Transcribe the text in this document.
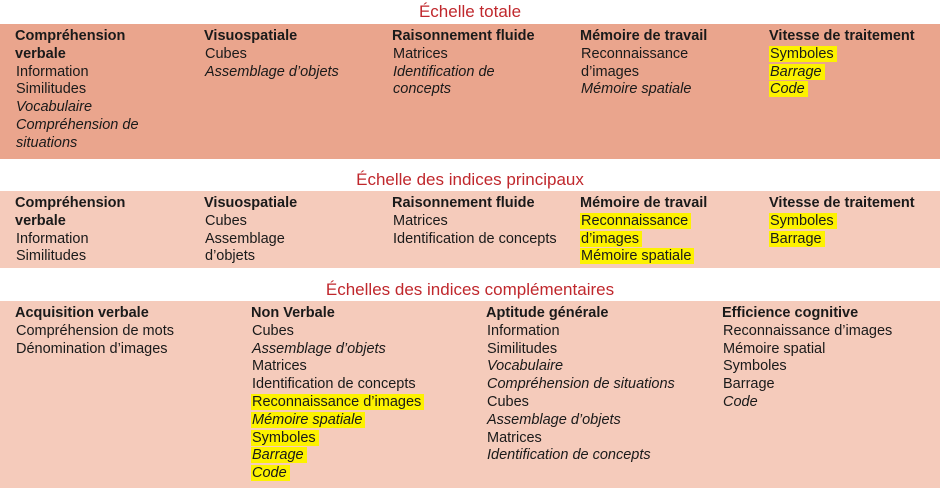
Échelle totale
Compréhension
verbale
Information
Similitudes
Vocabulaire
Compréhension de
situations
Visuospatiale
Cubes
Assemblage d’objets
Raisonnement fluide
Matrices
Identification de
concepts
Mémoire de travail
Reconnaissance
d’images
Mémoire spatiale
Vitesse de traitement
Symboles
Barrage
Code
Échelle des indices principaux
Compréhension
verbale
Information
Similitudes
Visuospatiale
Cubes
Assemblage
d’objets
Raisonnement fluide
Matrices
Identification de concepts
Mémoire de travail
Reconnaissance
d’images
Mémoire spatiale
Vitesse de traitement
Symboles
Barrage
Échelles des indices complémentaires
Acquisition verbale
Compréhension de mots
Dénomination d’images
Non Verbale
Cubes
Assemblage d’objets
Matrices
Identification de concepts
Reconnaissance d’images
Mémoire spatiale
Symboles
Barrage
Code
Aptitude générale
Information
Similitudes
Vocabulaire
Compréhension de situations
Cubes
Assemblage d’objets
Matrices
Identification de concepts
Efficience cognitive
Reconnaissance d’images
Mémoire spatial
Symboles
Barrage
Code
